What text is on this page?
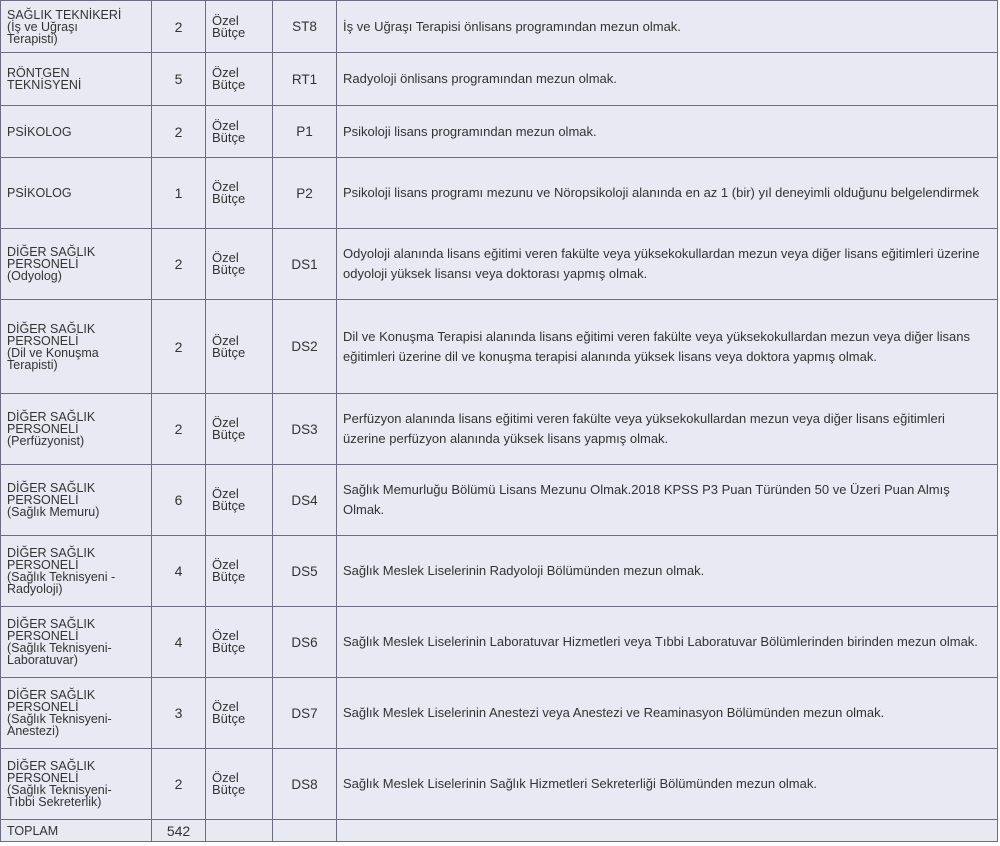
SAĞLIK TEKNİKERİ
(İş ve Uğraşı
Terapisti)	2	Özel
Bütçe	ST8	İş ve Uğraşı Terapisi önlisans programından mezun olmak.
RÖNTGEN
TEKNİSYENİ	5	Özel
Bütçe	RT1	Radyoloji önlisans programından mezun olmak.
PSİKOLOG	2	Özel
Bütçe	P1	Psikoloji lisans programından mezun olmak.
PSİKOLOG	1	Özel
Bütçe	P2	Psikoloji lisans programı mezunu ve Nöropsikoloji alanında en az 1 (bir) yıl deneyimli olduğunu belgelendirmek
DİĞER SAĞLIK
PERSONELİ
(Odyolog)	2	Özel
Bütçe	DS1	Odyoloji alanında lisans eğitimi veren fakülte veya yüksekokullardan mezun veya diğer lisans eğitimleri üzerine odyoloji yüksek lisansı veya doktorası yapmış olmak.
DİĞER SAĞLIK
PERSONELİ
(Dil ve Konuşma
Terapisti)	2	Özel
Bütçe	DS2	Dil ve Konuşma Terapisi alanında lisans eğitimi veren fakülte veya yüksekokullardan mezun veya diğer lisans eğitimleri üzerine dil ve konuşma terapisi alanında yüksek lisans veya doktora yapmış olmak.
DİĞER SAĞLIK
PERSONELİ
(Perfüzyonist)	2	Özel
Bütçe	DS3	Perfüzyon alanında lisans eğitimi veren fakülte veya yüksekokullardan mezun veya diğer lisans eğitimleri üzerine perfüzyon alanında yüksek lisans yapmış olmak.
DİĞER SAĞLIK
PERSONELİ
(Sağlık Memuru)	6	Özel
Bütçe	DS4	Sağlık Memurluğu Bölümü Lisans Mezunu Olmak.2018 KPSS P3 Puan Türünden 50 ve Üzeri Puan Almış Olmak.
DİĞER SAĞLIK
PERSONELİ
(Sağlık Teknisyeni -
Radyoloji)	4	Özel
Bütçe	DS5	Sağlık Meslek Liselerinin Radyoloji Bölümünden mezun olmak.
DİĞER SAĞLIK
PERSONELİ
(Sağlık Teknisyeni-
Laboratuvar)	4	Özel
Bütçe	DS6	Sağlık Meslek Liselerinin Laboratuvar Hizmetleri veya Tıbbi Laboratuvar Bölümlerinden birinden mezun olmak.
DİĞER SAĞLIK
PERSONELİ
(Sağlık Teknisyeni-
Anestezi)	3	Özel
Bütçe	DS7	Sağlık Meslek Liselerinin Anestezi veya Anestezi ve Reaminasyon Bölümünden mezun olmak.
DİĞER SAĞLIK
PERSONELİ
(Sağlık Teknisyeni-
Tıbbi Sekreterlik)	2	Özel
Bütçe	DS8	Sağlık Meslek Liselerinin Sağlık Hizmetleri Sekreterliği Bölümünden mezun olmak.
TOPLAM	542			
